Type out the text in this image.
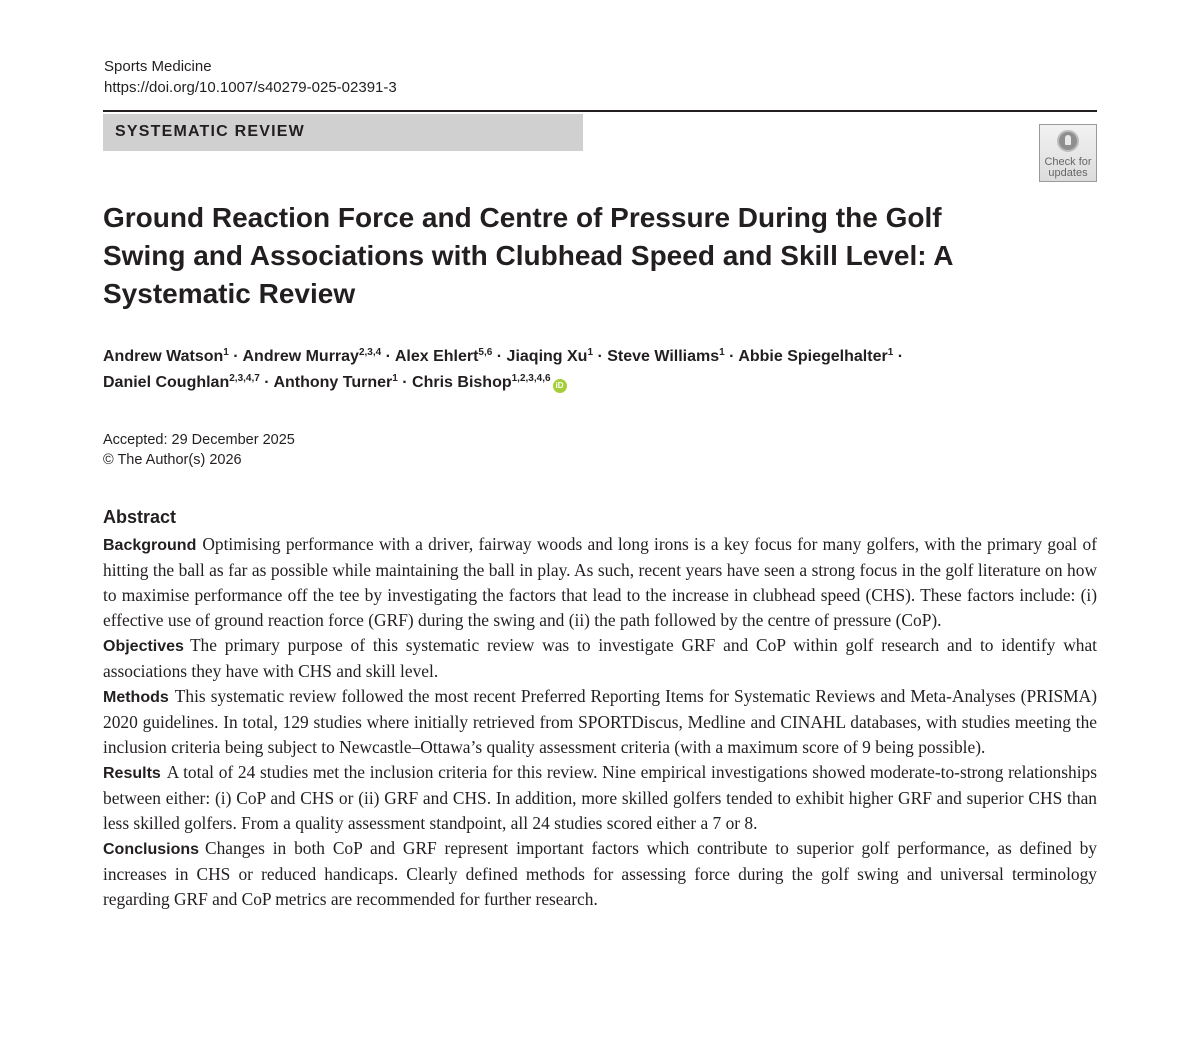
Sports Medicine
https://doi.org/10.1007/s40279-025-02391-3
SYSTEMATIC REVIEW
Check for
updates
Ground Reaction Force and Centre of Pressure During the Golf Swing and Associations with Clubhead Speed and Skill Level: A Systematic Review
Andrew Watson$^1$ · Andrew Murray$^{2,3,4}$ · Alex Ehlert$^{5,6}$ · Jiaqing $Xu^1$ · Steve Williams$^1$ · Abbie Spiegelhalter$^1$ ·
Daniel Coughlan$^{2,3,4,7}$ · Anthony Turner$^1$ · Chris Bishop$^{1,2,3,4,6}$iD
Accepted: 29 December 2025
© The Author(s) 2026
Abstract

Background Optimising performance with a driver, fairway woods and long irons is a key focus for many golfers, with the primary goal of hitting the ball as far as possible while maintaining the ball in play. As such, recent years have seen a strong focus in the golf literature on how to maximise performance off the tee by investigating the factors that lead to the increase in clubhead speed (CHS). These factors include: (i) effective use of ground reaction force (GRF) during the swing and (ii) the path followed by the centre of pressure (CoP).

Objectives The primary purpose of this systematic review was to investigate GRF and CoP within golf research and to identify what associations they have with CHS and skill level.

Methods This systematic review followed the most recent Preferred Reporting Items for Systematic Reviews and Meta-Analyses (PRISMA) 2020 guidelines. In total, 129 studies where initially retrieved from SPORTDiscus, Medline and CINAHL databases, with studies meeting the inclusion criteria being subject to Newcastle–Ottawa’s quality assessment criteria (with a maximum score of 9 being possible).

Results A total of 24 studies met the inclusion criteria for this review. Nine empirical investigations showed moderate-to-strong relationships between either: (i) CoP and CHS or (ii) GRF and CHS. In addition, more skilled golfers tended to exhibit higher GRF and superior CHS than less skilled golfers. From a quality assessment standpoint, all 24 studies scored either a 7 or 8.

Conclusions Changes in both CoP and GRF represent important factors which contribute to superior golf performance, as defined by increases in CHS or reduced handicaps. Clearly defined methods for assessing force during the golf swing and universal terminology regarding GRF and CoP metrics are recommended for further research.
